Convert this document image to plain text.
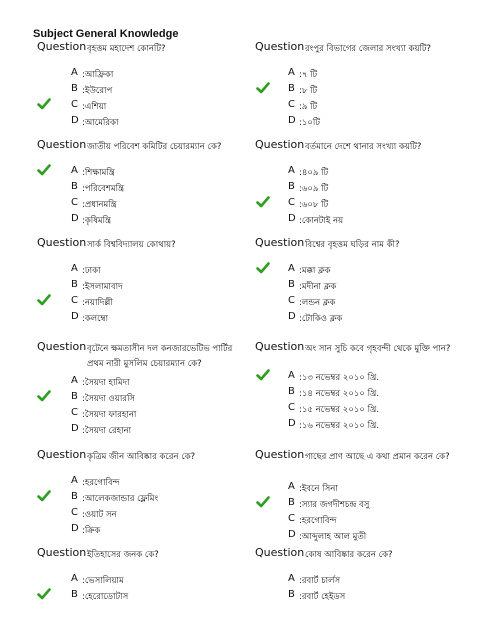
Subject General Knowledge
Question বৃহত্তম মহাদেশ কোনটি?
A :আফ্রিকা
B :ইউরোপ
C :এশিয়া
D :আমেরিকা
Question জাতীয় পরিবেশ কমিটির চেয়ারম্যান কে?
A :শিক্ষামন্ত্রি
B :পরিবেশমন্ত্রি
C :প্রধানমন্ত্রি
D :কৃষিমন্ত্রি
Question সার্ক বিশ্ববিদ্যালয় কোথায়?
A :ঢাকা
B :ইসলামাবাদ
C :নয়াদিল্লী
D :কলম্বো
Question বৃটেনে ক্ষমতাসীন দল কনজারভেটিভ পার্টির প্রথম নারী মুসলিম চেয়ারম্যান কে?
A :সৈয়দা হামিদা
B :সৈয়দা ওয়ারসি
C :সৈয়দা ফারহানা
D :সৈয়দা রেহানা
Question কৃত্রিম জীন আবিষ্কার করেন কে?
A :হরগোবিন্দ
B :আলেকজান্ডার ফ্লেমিং
C :ওয়াট সন
D :ক্রিক
Question ইতিহাসের জনক কে?
A :ভেসালিয়াম
B :হেরোডোটাস
Question রংপুর বিভাগের জেলার সংখ্যা কয়টি?
A :৭ টি
B :৮ টি
C :৯ টি
D :১০টি
Question বর্তমানে দেশে থানার সংখ্যা কয়টি?
A :৪০৯ টি
B :৬০৯ টি
C :৬০৮ টি
D :কোনটাই নয়
Question বিশ্বের বৃহত্তম ঘড়ির নাম কী?
A :মক্কা ক্লক
B :মদীনা ক্লক
C :লন্ডন ক্লক
D :টোকিও ক্লক
Question অং সান সুচি কবে গৃহবন্দী থেকে মুক্তি পান?
A :১৩ নভেম্বর ২০১০ খ্রি.
B :১৪ নভেম্বর ২০১০ খ্রি.
C :১৫ নভেম্বর ২০১০ খ্রি.
D :১৬ নভেম্বর ২০১০ খ্রি.
Question গাছের প্রাণ আছে এ কথা প্রমান করেন কে?
A :ইবনে সিনা
B :স্যার জগদীশচন্দ্র বসু
C :হরগোবিন্দ
D :আব্দুলাহ আল মুতী
Question কোষ আবিষ্কার করেন কে?
A :রবার্ট চার্লস
B :রবার্ট হেইডস
